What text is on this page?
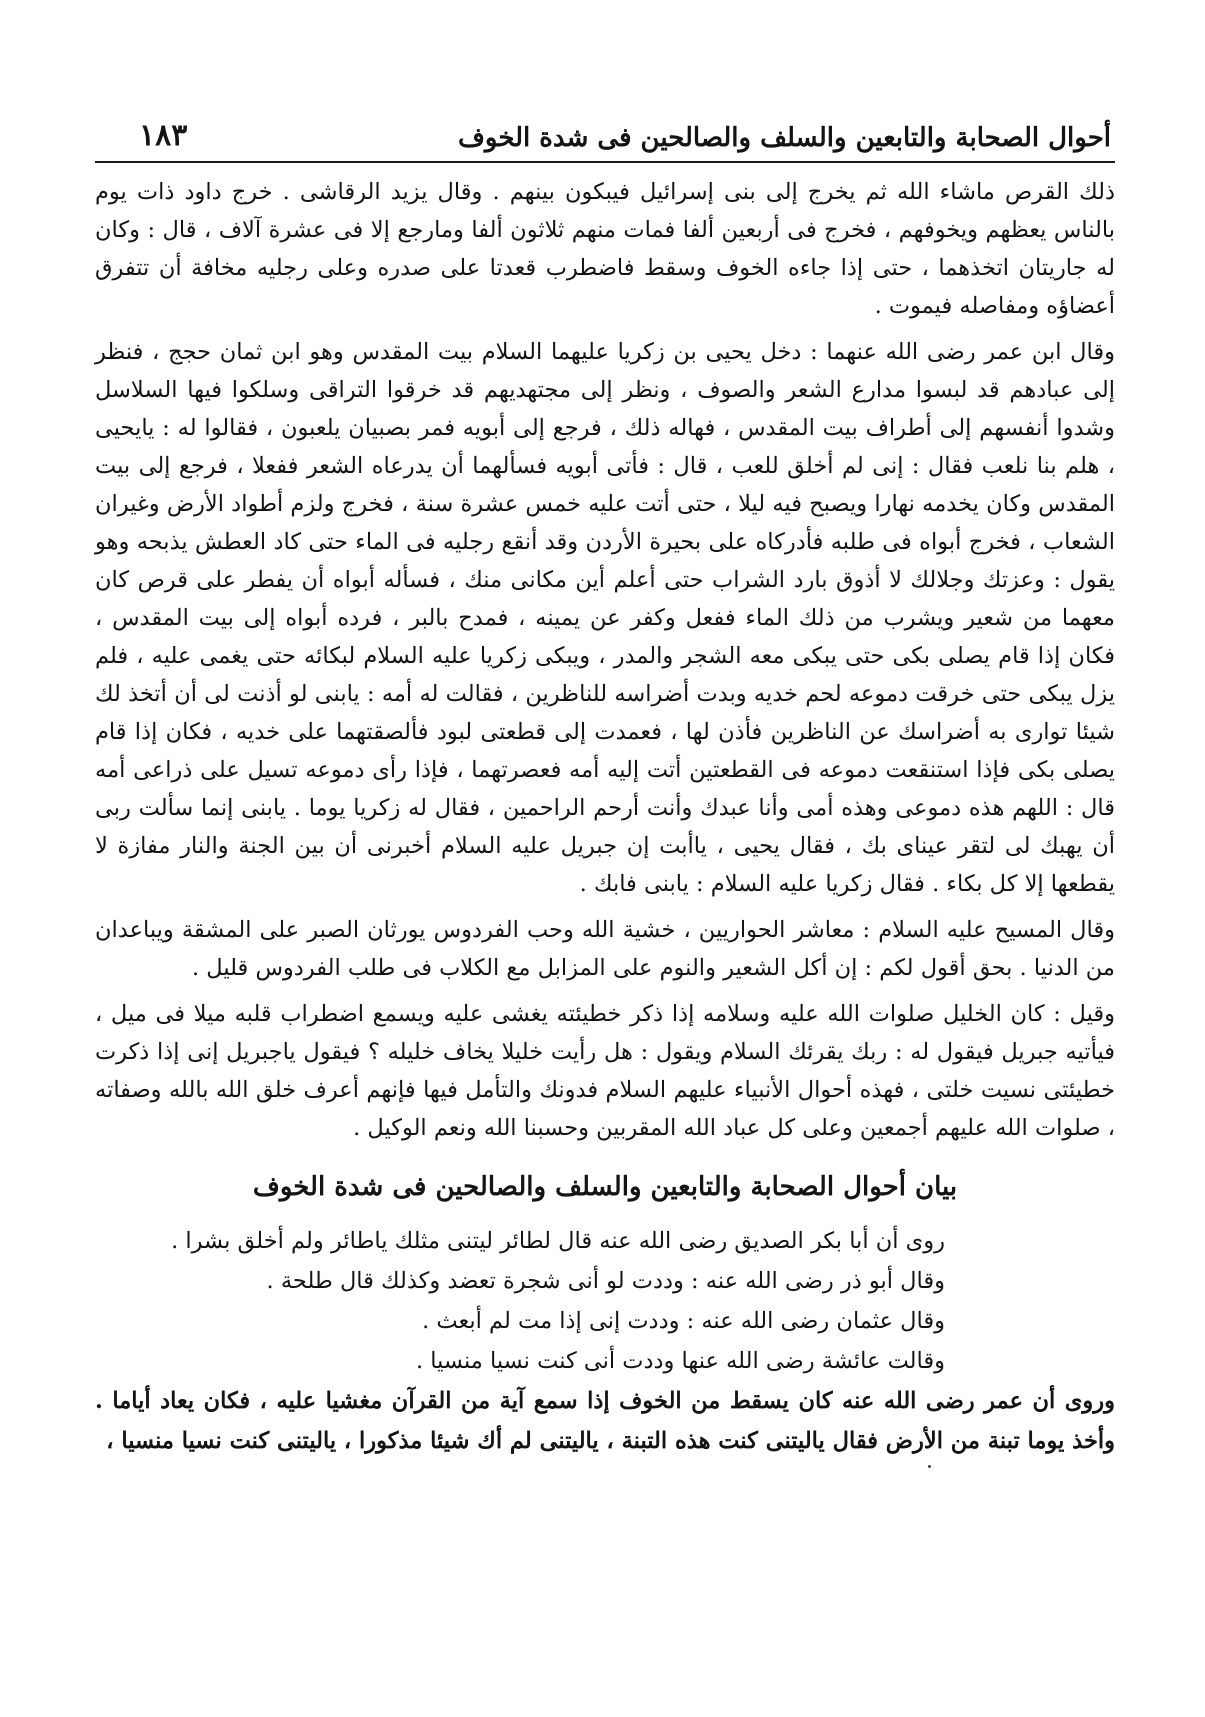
أحوال الصحابة والتابعين والسلف والصالحين فى شدة الخوف
١٨٣

ذلك القرص ماشاء الله ثم يخرج إلى بنى إسرائيل فيبكون بينهم . وقال يزيد الرقاشى . خرج داود ذات يوم بالناس يعظهم ويخوفهم ، فخرج فى أربعين ألفا فمات منهم ثلاثون ألفا ومارجع إلا فى عشرة آلاف ، قال : وكان له جاريتان اتخذهما ، حتى إذا جاءه الخوف وسقط فاضطرب قعدتا على صدره وعلى رجليه مخافة أن تتفرق أعضاؤه ومفاصله فيموت .

وقال ابن عمر رضى الله عنهما : دخل يحيى بن زكريا عليهما السلام بيت المقدس وهو ابن ثمان حجج ، فنظر إلى عبادهم قد لبسوا مدارع الشعر والصوف ، ونظر إلى مجتهديهم قد خرقوا التراقى وسلكوا فيها السلاسل وشدوا أنفسهم إلى أطراف بيت المقدس ، فهاله ذلك ، فرجع إلى أبويه فمر بصبيان يلعبون ، فقالوا له : يايحيى ، هلم بنا نلعب فقال : إنى لم أخلق للعب ، قال : فأتى أبويه فسألهما أن يدرعاه الشعر ففعلا ، فرجع إلى بيت المقدس وكان يخدمه نهارا ويصبح فيه ليلا ، حتى أتت عليه خمس عشرة سنة ، فخرج ولزم أطواد الأرض وغيران الشعاب ، فخرج أبواه فى طلبه فأدركاه على بحيرة الأردن وقد أنقع رجليه فى الماء حتى كاد العطش يذبحه وهو يقول : وعزتك وجلالك لا أذوق بارد الشراب حتى أعلم أين مكانى منك ، فسأله أبواه أن يفطر على قرص كان معهما من شعير ويشرب من ذلك الماء ففعل وكفر عن يمينه ، فمدح بالبر ، فرده أبواه إلى بيت المقدس ، فكان إذا قام يصلى بكى حتى يبكى معه الشجر والمدر ، ويبكى زكريا عليه السلام لبكائه حتى يغمى عليه ، فلم يزل يبكى حتى خرقت دموعه لحم خديه وبدت أضراسه للناظرين ، فقالت له أمه : يابنى لو أذنت لى أن أتخذ لك شيئا توارى به أضراسك عن الناظرين فأذن لها ، فعمدت إلى قطعتى لبود فألصقتهما على خديه ، فكان إذا قام يصلى بكى فإذا استنقعت دموعه فى القطعتين أتت إليه أمه فعصرتهما ، فإذا رأى دموعه تسيل على ذراعى أمه قال : اللهم هذه دموعى وهذه أمى وأنا عبدك وأنت أرحم الراحمين ، فقال له زكريا يوما . يابنى إنما سألت ربى أن يهبك لى لتقر عيناى بك ، فقال يحيى ، ياأبت إن جبريل عليه السلام أخبرنى أن بين الجنة والنار مفازة لا يقطعها إلا كل بكاء . فقال زكريا عليه السلام : يابنى فابك .

وقال المسيح عليه السلام : معاشر الحواريين ، خشية الله وحب الفردوس يورثان الصبر على المشقة ويباعدان من الدنيا . بحق أقول لكم : إن أكل الشعير والنوم على المزابل مع الكلاب فى طلب الفردوس قليل .

وقيل : كان الخليل صلوات الله عليه وسلامه إذا ذكر خطيئته يغشى عليه ويسمع اضطراب قلبه ميلا فى ميل ، فيأتيه جبريل فيقول له : ربك يقرئك السلام ويقول : هل رأيت خليلا يخاف خليله ؟ فيقول ياجبريل إنى إذا ذكرت خطيئتى نسيت خلتى ، فهذه أحوال الأنبياء عليهم السلام فدونك والتأمل فيها فإنهم أعرف خلق الله بالله وصفاته ، صلوات الله عليهم أجمعين وعلى كل عباد الله المقربين وحسبنا الله ونعم الوكيل .

بيان أحوال الصحابة والتابعين والسلف والصالحين فى شدة الخوف

روى أن أبا بكر الصديق رضى الله عنه قال لطائر ليتنى مثلك ياطائر ولم أخلق بشرا .

وقال أبو ذر رضى الله عنه : وددت لو أنى شجرة تعضد وكذلك قال طلحة .

وقال عثمان رضى الله عنه : وددت إنى إذا مت لم أبعث .

وقالت عائشة رضى الله عنها وددت أنى كنت نسيا منسيا .

وروى أن عمر رضى الله عنه كان يسقط من الخوف إذا سمع آية من القرآن مغشيا عليه ، فكان يعاد أياما . وأخذ يوما تبنة من الأرض فقال ياليتنى كنت هذه التبنة ، ياليتنى لم أك شيئا مذكورا ، ياليتنى كنت نسيا منسيا ،
